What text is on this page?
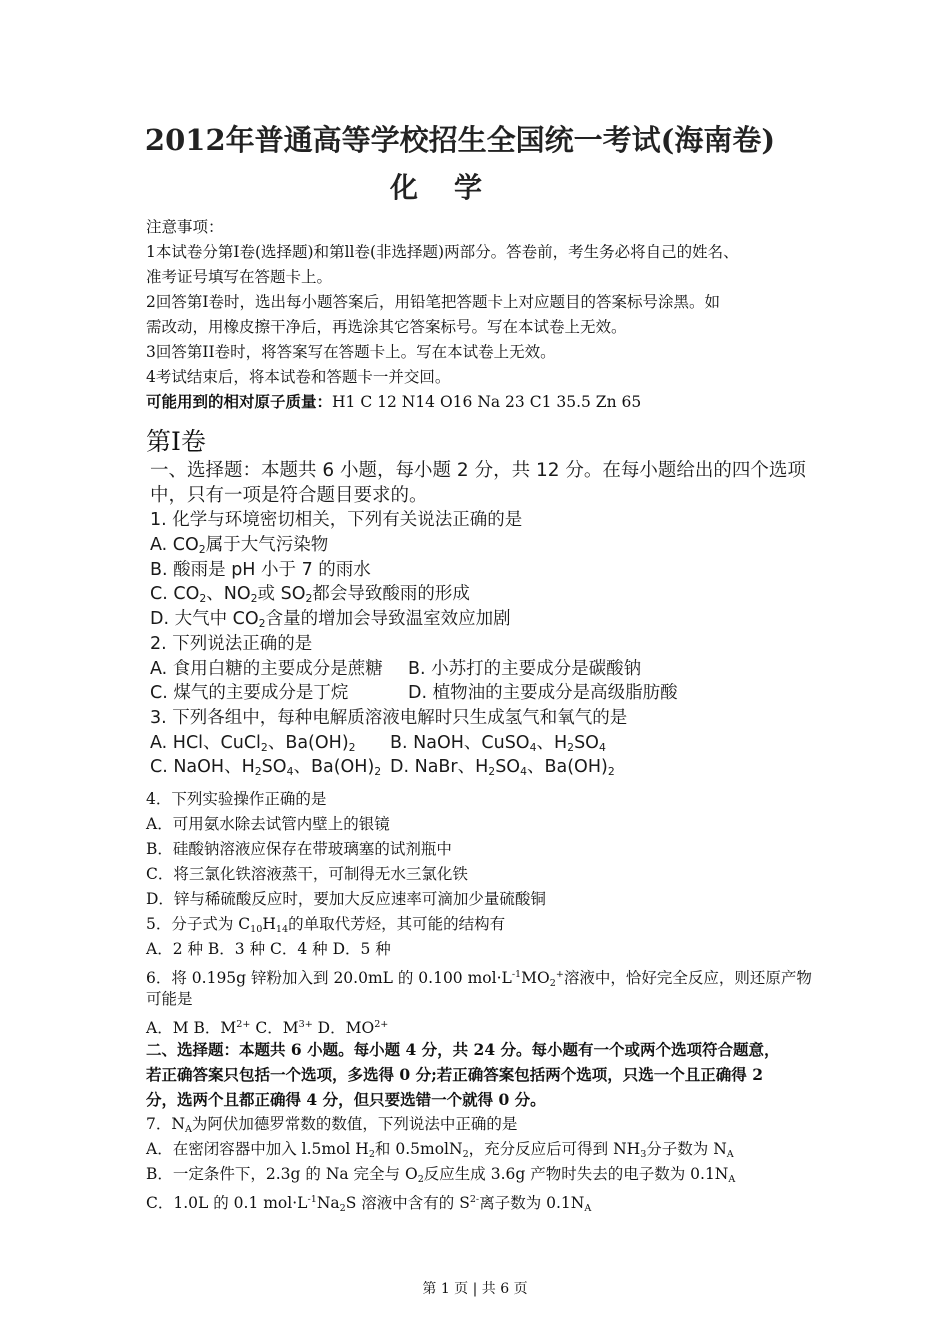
2012年普通高等学校招生全国统一考试(海南卷)
化学
注意事项：
1本试卷分第I卷(选择题)和第ll卷(非选择题)两部分。答卷前，考生务必将自己的姓名、
准考证号填写在答题卡上。
2回答第I卷时，选出每小题答案后，用铅笔把答题卡上对应题目的答案标号涂黑。如
需改动，用橡皮擦干净后，再选涂其它答案标号。写在本试卷上无效。
3回答第II卷时，将答案写在答题卡上。写在本试卷上无效。
4考试结束后，将本试卷和答题卡一并交回。
可能用到的相对原子质量：H1 C 12 N14 O16 Na 23 C1 35.5 Zn 65
第I卷
一、选择题：本题共 6 小题，每小题 2 分，共 12 分。在每小题给出的四个选项
中，只有一项是符合题目要求的。
1. 化学与环境密切相关，下列有关说法正确的是
A. $CO_2$属于大气污染物
B. 酸雨是 pH 小于 7 的雨水
C. $CO_2$、$NO_2$或 $SO_2$都会导致酸雨的形成
D. 大气中 $CO_2$含量的增加会导致温室效应加剧
2. 下列说法正确的是
A. 食用白糖的主要成分是蔗糖	B. 小苏打的主要成分是碳酸钠
C. 煤气的主要成分是丁烷	D. 植物油的主要成分是高级脂肪酸
3. 下列各组中，每种电解质溶液电解时只生成氢气和氧气的是
A. HCl、CuCl$_2$、$Ba(OH)_2$	B. NaOH、CuSO$_4$、$H_2SO_4$
C. NaOH、$H_2SO_4$、$Ba(OH)_2$ D. NaBr、$H_2SO_4$、$Ba(OH)_2$
4．下列实验操作正确的是
A．可用氨水除去试管内壁上的银镜
B．硅酸钠溶液应保存在带玻璃塞的试剂瓶中
C．将三氯化铁溶液蒸干，可制得无水三氯化铁
D．锌与稀硫酸反应时，要加大反应速率可滴加少量硫酸铜
5．分子式为 $C_{10}H_{14}$的单取代芳烃，其可能的结构有
A．2 种 B．3 种 C．4 种 D．5 种
6．将 0.195g 锌粉加入到 20.0mL 的 0.100 $mol\cdot L^{-1}MO_2^+$溶液中，恰好完全反应，则还原产物
可能是
A．M B．$M^{2+}$ C．$M^{3+}$ D．$MO^{2+}$
二、选择题：本题共 6 小题。每小题 4 分，共 24 分。每小题有一个或两个选项符合题意，
若正确答案只包括一个选项，多选得 0 分;若正确答案包括两个选项，只选一个且正确得 2
分，选两个且都正确得 4 分，但只要选错一个就得 0 分。
7．$N_A$为阿伏加德罗常数的数值，下列说法中正确的是
A．在密闭容器中加入 l.5mol $H_2$和 0.5molN$_2$，充分反应后可得到 $NH_3$分子数为 $N_A$
B．一定条件下，2.3g 的 Na 完全与 $O_2$反应生成 3.6g 产物时失去的电子数为 $0.1N_A$
C．1.0L 的 0.1 $mol\cdot L^{-1}Na_2S$ 溶液中含有的 $S^{2-}$离子数为 $0.1N_A$
第 1 页 | 共 6 页
